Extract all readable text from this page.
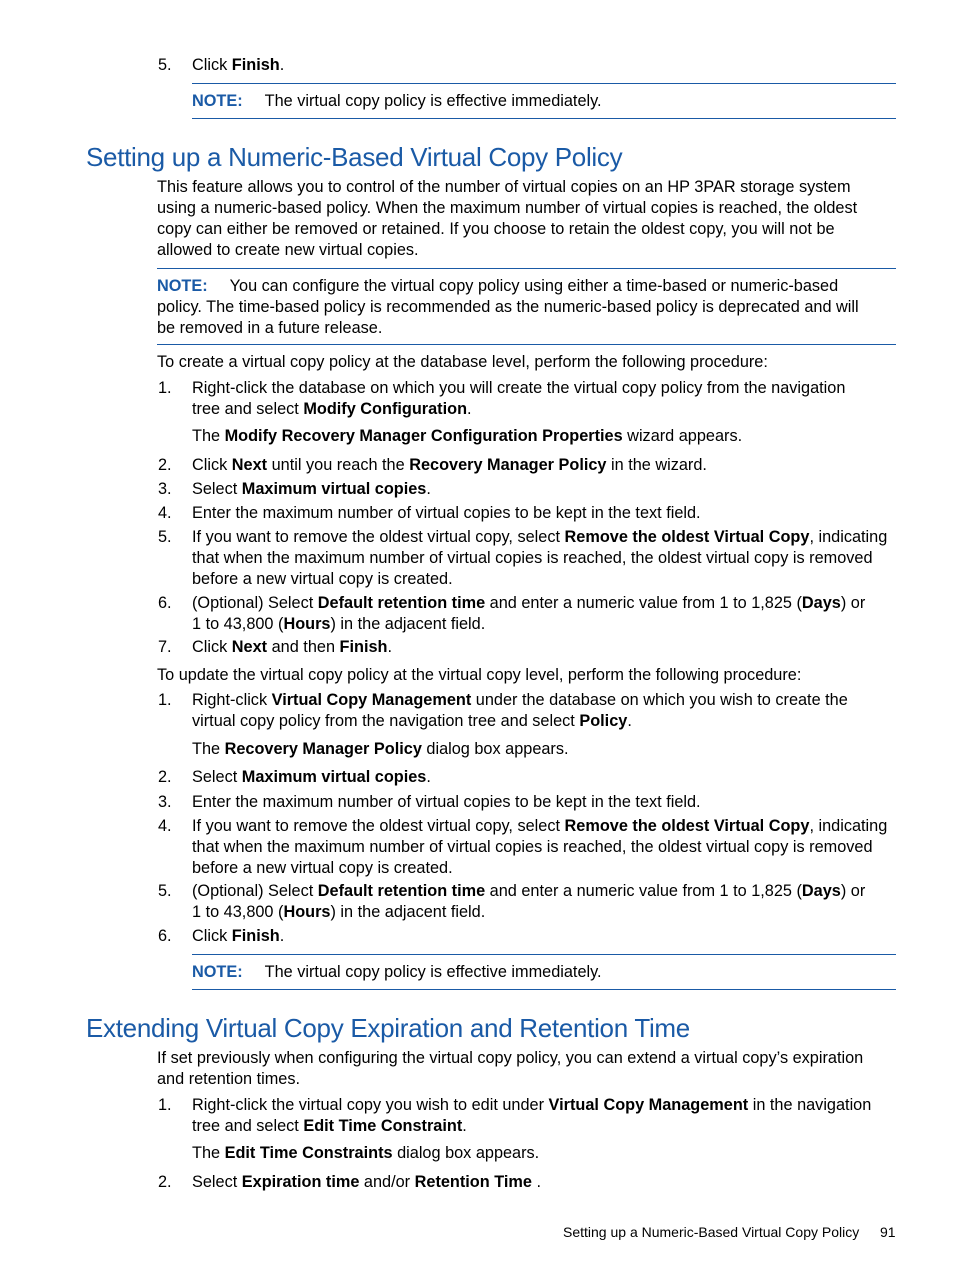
5. Click Finish.
NOTE: The virtual copy policy is effective immediately.
Setting up a Numeric-Based Virtual Copy Policy
This feature allows you to control of the number of virtual copies on an HP 3PAR storage system
using a numeric-based policy. When the maximum number of virtual copies is reached, the oldest
copy can either be removed or retained. If you choose to retain the oldest copy, you will not be
allowed to create new virtual copies.
NOTE: You can configure the virtual copy policy using either a time-based or numeric-based
policy. The time-based policy is recommended as the numeric-based policy is deprecated and will
be removed in a future release.
To create a virtual copy policy at the database level, perform the following procedure:
1. Right-click the database on which you will create the virtual copy policy from the navigation
tree and select Modify Configuration.
The Modify Recovery Manager Configuration Properties wizard appears.
2. Click Next until you reach the Recovery Manager Policy in the wizard.
3. Select Maximum virtual copies.
4. Enter the maximum number of virtual copies to be kept in the text field.
5. If you want to remove the oldest virtual copy, select Remove the oldest Virtual Copy, indicating
that when the maximum number of virtual copies is reached, the oldest virtual copy is removed
before a new virtual copy is created.
6. (Optional) Select Default retention time and enter a numeric value from 1 to 1,825 (Days) or
1 to 43,800 (Hours) in the adjacent field.
7. Click Next and then Finish.
To update the virtual copy policy at the virtual copy level, perform the following procedure:
1. Right-click Virtual Copy Management under the database on which you wish to create the
virtual copy policy from the navigation tree and select Policy.
The Recovery Manager Policy dialog box appears.
2. Select Maximum virtual copies.
3. Enter the maximum number of virtual copies to be kept in the text field.
4. If you want to remove the oldest virtual copy, select Remove the oldest Virtual Copy, indicating
that when the maximum number of virtual copies is reached, the oldest virtual copy is removed
before a new virtual copy is created.
5. (Optional) Select Default retention time and enter a numeric value from 1 to 1,825 (Days) or
1 to 43,800 (Hours) in the adjacent field.
6. Click Finish.
NOTE: The virtual copy policy is effective immediately.
Extending Virtual Copy Expiration and Retention Time
If set previously when configuring the virtual copy policy, you can extend a virtual copy’s expiration
and retention times.
1. Right-click the virtual copy you wish to edit under Virtual Copy Management in the navigation
tree and select Edit Time Constraint.
The Edit Time Constraints dialog box appears.
2. Select Expiration time and/or Retention Time .
Setting up a Numeric-Based Virtual Copy Policy 91
